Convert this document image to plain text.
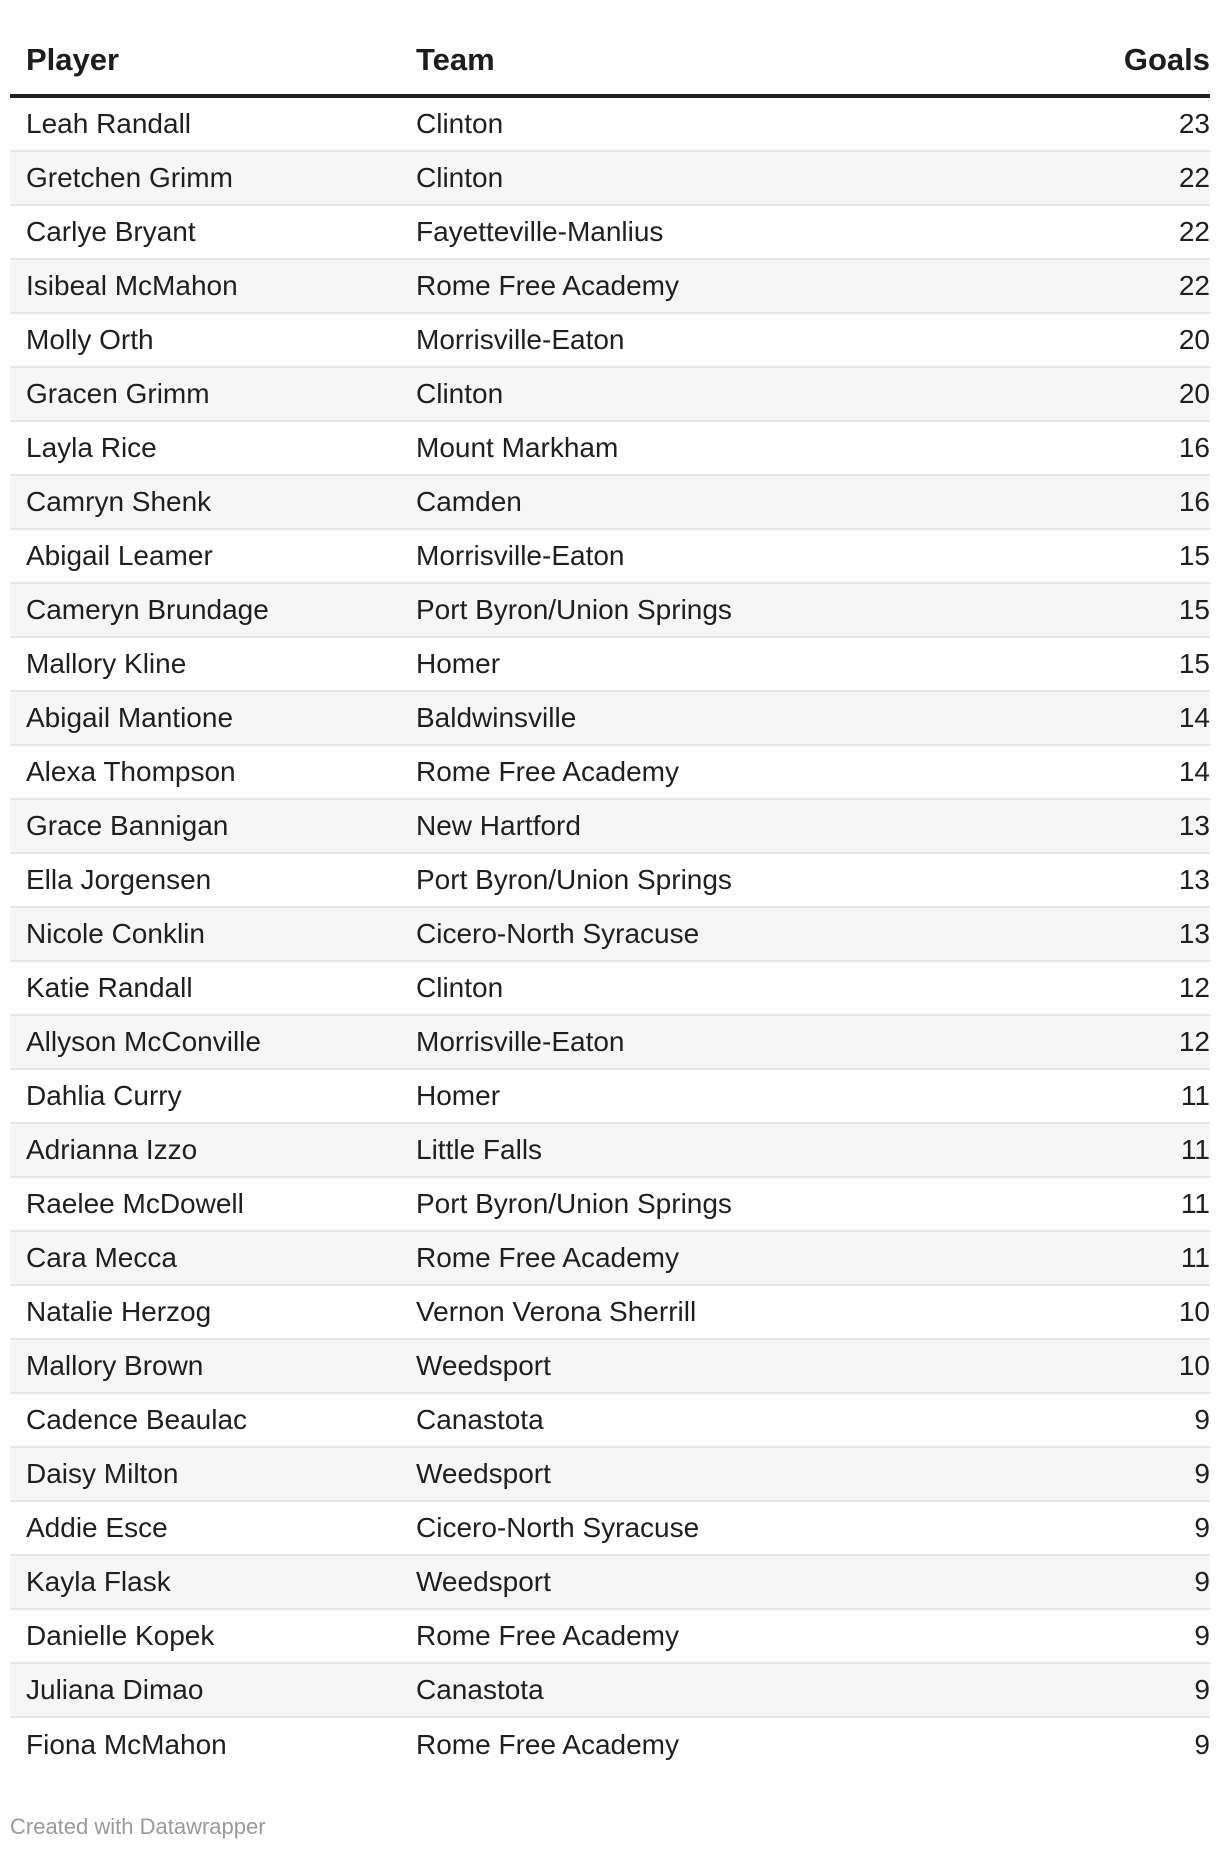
Player	Team	Goals
Leah Randall	Clinton	23
Gretchen Grimm	Clinton	22
Carlye Bryant	Fayetteville-Manlius	22
Isibeal McMahon	Rome Free Academy	22
Molly Orth	Morrisville-Eaton	20
Gracen Grimm	Clinton	20
Layla Rice	Mount Markham	16
Camryn Shenk	Camden	16
Abigail Leamer	Morrisville-Eaton	15
Cameryn Brundage	Port Byron/Union Springs	15
Mallory Kline	Homer	15
Abigail Mantione	Baldwinsville	14
Alexa Thompson	Rome Free Academy	14
Grace Bannigan	New Hartford	13
Ella Jorgensen	Port Byron/Union Springs	13
Nicole Conklin	Cicero-North Syracuse	13
Katie Randall	Clinton	12
Allyson McConville	Morrisville-Eaton	12
Dahlia Curry	Homer	11
Adrianna Izzo	Little Falls	11
Raelee McDowell	Port Byron/Union Springs	11
Cara Mecca	Rome Free Academy	11
Natalie Herzog	Vernon Verona Sherrill	10
Mallory Brown	Weedsport	10
Cadence Beaulac	Canastota	9
Daisy Milton	Weedsport	9
Addie Esce	Cicero-North Syracuse	9
Kayla Flask	Weedsport	9
Danielle Kopek	Rome Free Academy	9
Juliana Dimao	Canastota	9
Fiona McMahon	Rome Free Academy	9
Created with Datawrapper
